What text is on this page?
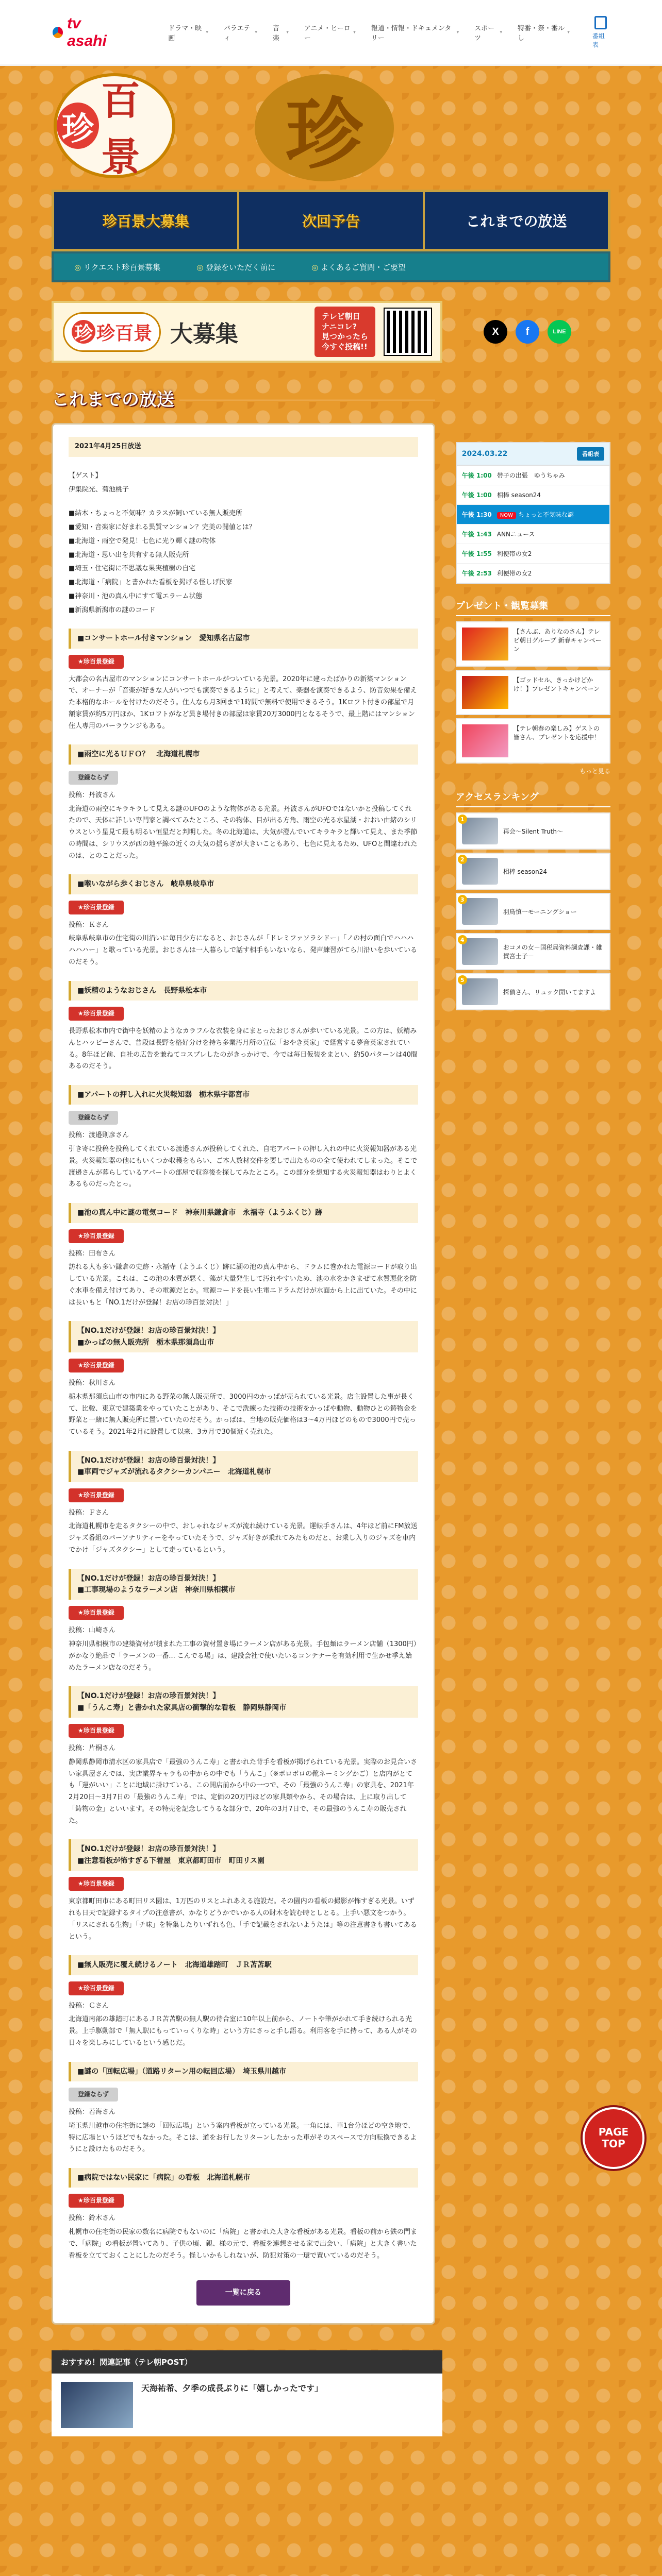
tv asahi
ドラマ・映画 ▾
バラエティ ▾
音楽 ▾
アニメ・ヒーロー ▾
報道・情報・ドキュメンタリー ▾
スポーツ ▾
特番・祭・番ルし ▾	番組表
珍
百景	珍
珍百景大募集	次回予告	これまでの放送
◎ リクエスト珍百景募集	◎ 登録をいただく前に	◎ よくあるご質問・ご要望
珍 珍百景 大募集
テレビ朝日
ナニコレ?
見つかったら
今すぐ投稿!!
X	f	LINE
これまでの放送
2021年4月25日放送

【ゲスト】

伊集院光、菊池桃子

■結木・ちょっと不気味？カラスが飼いている無人販売所

■愛知・音楽家に好まれる異質マンション？完美の闘値とは？

■北海道・雨空で発見！七色に光り輝く謎の物体

■北海道・思い出を共有する無人販売所

■埼玉・住宅街に不思議な果実植樹の自宅

■北海道・「病院」と書かれた看板を掲げる怪しげ民家

■神奈川・池の真ん中にすて電エラーム状態

■新潟県新潟市の謎のコード

■コンサートホール付きマンション　愛知県名古屋市
★珍百景登録

大都会の名古屋市のマンションにコンサートホールがついている光景。2020年に建ったばかりの新築マンションで、オーナーが「音楽が好きな人がいつでも演奏できるように」と考えて、楽器を演奏できるよう、防音効果を備えた本格的なホールを付けたのだそう。住人なら月3回まで1時間で無料で使用できるそう。1Kロフト付きの部屋で月額家賃が約5万円ほか、1Kロフトがなど異き場付きの部屋は家賃20万3000円となるそうで、最上階にはマンション住人専用のバーラウンジもある。

■雨空に光るＵＦＯ？　北海道札幌市
登録ならず

投稿：丹波さん

北海道の雨空にキラキラして見える謎のUFOのような物体がある光景。丹波さんがUFOではないかと投稿してくれたので、天体に詳しい専門家と調べてみたところ、その物体、目が出る方角、雨空の光る水星湖・おおい由緒のシリウスという星見て最も明るい恒星だと判明した。冬の北海道は、大気が澄んでいてキラキラと輝いて見え、また季節の時間は、シリウスが西の地平線の近くの大気の揺らぎが大きいこともあり、七色に見えるため、UFOと間違われたのは、とのことだった。

■喉いながら歩くおじさん　岐阜県岐阜市
★珍百景登録

投稿：Ｋさん

岐阜県岐阜市の住宅街の川沿いに毎日少方になると、おじさんが「ドレミファソラシドー」「ノの村の面白でハハハハハハー」と歌っている光景。おじさんは一人暮らしで話す相手もいないなら、発声練習がてら川沿いを歩いているのだそう。

■妖精のようなおじさん　長野県松本市
★珍百景登録

長野県松本市内で街中を妖精のようなカラフルな衣装を身にまとったおじさんが歩いている光景。この方は、妖精みんとハッピーさんで、普段は長野を格好分けを持ち多業汚月所の宣伝「おやき英家」で経営する夢音英家されている。8年ほど前、自社の広告を兼ねてコスプレしたのがきっかけで、今では毎日仮装をまとい、約50パターンは40間あるのだそう。

■アパートの押し入れに火災報知器　栃木県宇都宮市
登録ならず

投稿：渡邉則彦さん

引き寄に投稿を投稿してくれている渡邉さんが投稿してくれた、自宅アパートの押し入れの中に火災報知器がある光景。火災報知器の他にもいくつか収穫をもらい、ご本人数材交件を要しで出たものの全て使われてしまった。そこで渡邉さんが暮らしているアパートの部屋で収容後を探してみたところ。この部分を想知する火災報知器はわりとよくあるものだったとっ。

■池の真ん中に謎の電気コード　神奈川県鎌倉市　永福寺（ようふくじ）跡
★珍百景登録

投稿：田布さん

訪れる人も多い鎌倉の史跡・永福寺（ようふくじ）跡に湖の池の真ん中から、ドラムに巻かれた電源コードが取り出している光景。これは、この池の水質が悪く、藻が大量発生して汚れやすいため、池の水をかきまぜて水質悪化を防ぐ水車を備え付けてあり、その電源だとか。電源コードを長い生電エドラムだけが水面から上に出ていた。その中には長いもと「NO.1だけが登録！お店の珍百景対決！」

【NO.1だけが登録！お店の珍百景対決！】
■かっぱの無人販売所　栃木県那須烏山市
★珍百景登録

投稿：秋川さん

栃木県那須烏山市の市内にある野菜の無人販売所で、3000円のかっぱが売られている光景。店主設置した事が長くて、比較、東京で建築業をやっていたことがあり、そこで洗練った技術の技術をかっぱや動物、動物ひとの鋳物金を野菜と一緒に無人販売所に置いていたのだそう。かっぱは、当地の販売価格は3～4万円ほどのもので3000円で売っているそう。2021年2月に設置して以来、3カ月で30個近く売れた。

【NO.1だけが登録！お店の珍百景対決！】
■車両でジャズが流れるタクシーカンパニー　北海道札幌市
★珍百景登録

投稿：Ｆさん

北海道札幌市を走るタクシーの中で、おしゃれなジャズが流れ続けている光景。運転手さんは、4年ほど前にFM放送ジャズ番組のパーソナリティーをやっていたそうで、ジャズ好きが乗れてみたものだと、お乗し入りのジャズを車内でかけ「ジャズタクシー」として走っているという。

【NO.1だけが登録！お店の珍百景対決！】
■工事現場のようなラーメン店　神奈川県相模市
★珍百景登録

投稿：山崎さん

神奈川県相模市の建築資材が積まれた工事の資材置き場にラーメン店がある光景。手包麺はラーメン店舗（1300円）がかなり絶品で「ラーメンの一番... こんでる場」は、建設会社で使いたいるコンテナーを有効利用で生かせ季え始めたラーメン店なのだそう。

【NO.1だけが登録！お店の珍百景対決！】
■「うんこ寿」と書かれた家具店の衝撃的な看板　静岡県静岡市
★珍百景登録

投稿：片桐さん

静岡県静岡市清水区の家具店で「最強のうんこ寿」と書かれた背手を看板が掲げられている光景。実際のお見合いさい家具屋さんでは、実店業界キャラもの中からの中でも「うんこ」（※ボロボロの靴ネーミングかご）と店内がとても「運がいい」ことに地域に掛けている、この開店前から中の一つで、その「最強のうんこ寿」の家具を、2021年2月20日～3月7日の「最強のうんこ寿」では、定価の20万円ほどの家具類やから、その場合は、上に取り出して「鋳物の金」といいます。その特売を記念してうるな部分で、20年の3月7日で、その最強のうんこ寿の販売された。

【NO.1だけが登録！お店の珍百景対決！】
■注意看板が怖すぎる下着屋　東京都町田市　町田リス園
★珍百景登録

東京都町田市にある町田リス園は、1万匹のリスとふれあえる施設だ。その園内の看板の撮影が怖すぎる光景。いずれも日天で記録するタイプの注意書が、かなりどうかでいかる人の財木を読む時としとる。上手い悪文をつかう。「リスにされる生物」「チ味」を特集したりいずれも色、「手で記載をされないようたは」等の注意書きも書いてあるという。

■無人販売に覆え続けるノート　北海道雄踏町　ＪＲ苫苫駅
★珍百景登録

投稿：Ｃさん

北海道南部の雄踏町にあるＪＲ苫苫駅の無人駅の待合室に10年以上前から、ノートや筆がかれて手き続けられる光景。上手駆動部で「無人駅にもっていっくりな時」という方にさっと手し語る。利用客を手に持って、ある人がその日々を楽しみにしているという感じだ。

■謎の「回転広場」（道路リターン用の転回広場）　埼玉県川越市
登録ならず

投稿：若海さん

埼玉県川越市の住宅街に謎の「回転広場」という案内看板が立っている光景。一角には、車1台分ほどの空き地で、特に広場というほどでもなかった。そこは、道をお行したリターンしたかった車がそのスペースで方向転換できるようにと設けたものだそう。

■病院ではない民家に「病院」の看板　北海道札幌市
★珍百景登録

投稿：鈴木さん

札幌市の住宅街の民家の数名に病院でもないのに「病院」と書かれた大きな看板がある光景。看板の前から鉄の門まで、「病院」の看板が置いてあり、子供の頃、親、様の元で、看板を連想させる家で出会い、「病院」と大きく書いた看板を立てておくことにしたのだそう。怪しいかもしれないが、防犯対策の一環で置いているのだそう。

一覧に戻る
2024.03.22	番組表
午後 1:00 帯子の出張　ゆうちゃみ
午後 1:00 相棒 season24
午後 1:30	NOW ちょっと不気味な謎
午後 1:43 ANNニュース
午後 1:55 利便帯の女2
午後 2:53 利便帯の女2
プレゼント・観覧募集
【さんぶ、ありなのさん】テレビ朝日グループ 新春キャンペーン
【ゴッドセル、きっかけどかけ！】プレゼントキャンペーン
【テレ朝春の楽しみ】ゲストの皆さん、プレゼントを応援中！
もっと見る
アクセスランキング
1
再会～Silent Truth～
2
相棒 season24
3
羽鳥慎一モーニングショー
4
おコメの女－国税局資料調査課・雑賀宮士子－
5
探偵さん、リュック開いてますよ
PAGE
TOP
おすすめ！関連記事（テレ朝POST）
天海祐希、夕季の成長ぶりに「嬉しかったです」
